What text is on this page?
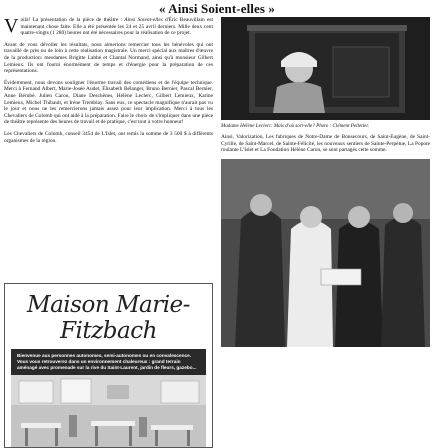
« Ainsi Soient-elles »

Voilà! La présentation de la pièce de théâtre : Ainsi Soient-elles d'Éric Beauvillain est maintenant chose faite. Elle a été présentée les 24 et 25 avril derniers. Mille deux cent quatre-vingts (1 280) heures ont été nécessaires pour la réalisation de ce projet.

Avant de vous dévoiler les résultats, nous aimerions remercier tous les bénévoles qui ont travaillé de près ou de loin à cette réalisation magistrale. Un merci spécial aux maîtres d'œuvre de la production: mesdames Brigitte Labbé et Chantal Normand, ainsi qu'à monsieur Gilbert Lemieux. Ils ont fourni énormément de temps et d'énergie pour la préparation de ces représentations.

Évidemment, nous devons souligner l'énorme travail des comédiens et de l'équipe technique. Merci à Fernand Albert, Marie-Josée Audet, Élisabeth Bélanger, Bruno Bernier, Pascal Bernier, Anne Bérubé, Julien Caron, Diane Deschênes, Hélène Leclerc, Gilbert Lemieux, Karine Lemieux, Michel Thibault, et Irène Tremblay. Sans eux, ce spectacle magnifique n'aurait pas vu le jour et nous ne les remercierons jamais assez pour leur implication. Merci à tous les Chevaliers de Colomb qui ont aidé à la préparation. Faire le choix de s'impliquer dans une pièce de théâtre représente des heures de travail et de pratique, c'est tout à votre honneur!

Les Chevaliers de Colomb, conseil 3454 de L'Islet, ont remis la somme de 3 500 $ à différents organismes de la région.

Maison Marie-Fitzbach
Bienvenue aux personnes autonomes, semi-autonomes ou en convalescence. Vous vous retrouverez dans un environnement chaleureux : grand terrain aménagé avec promenade sur la rive du Saint-Laurent, jardin de fleurs, gazebo...

Madame Hélène Leclerc: Mais d'où sort-elle? Photo : Clément Pelletier.

Ainsi, Valorization, Les fabriques de Notre-Dame de Bonsecours, de Saint-Eugène, de Saint-Cyrille, de Saint-Marcel, de Sainte-Félicité, les nouveaux sentiers de Sainte-Perpétue, La Popote roulante L'Islet et La Fondation Hélène Caron, se sont partagés cette somme.
